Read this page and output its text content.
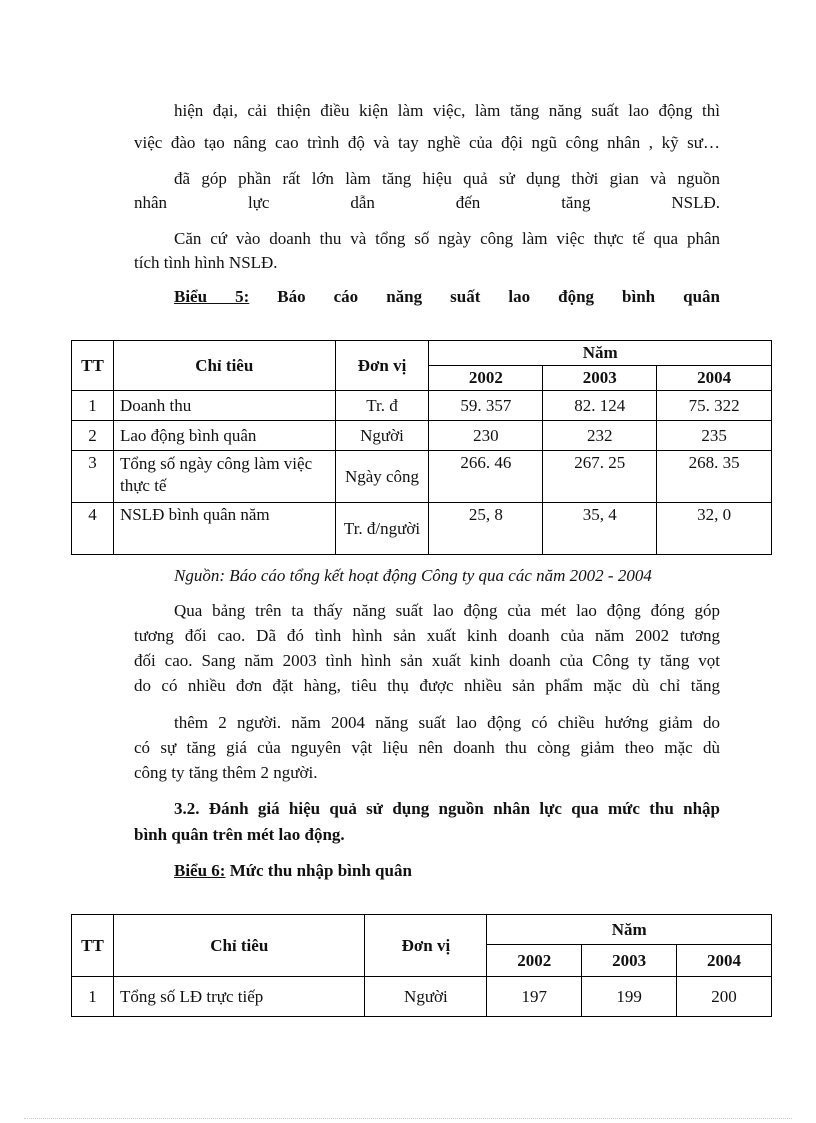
hiện đại, cải thiện điều kiện làm việc, làm tăng năng suất lao động thì

việc đào tạo nâng cao trình độ và tay nghề của đội ngũ công nhân , kỹ sư…

đã góp phần rất lớn làm tăng hiệu quả sử dụng thời gian và nguồn

nhân lực dẫn đến tăng NSLĐ.

Căn cứ vào doanh thu và tổng số ngày công làm việc thực tế qua phân

tích tình hình NSLĐ.

Biểu 5: Báo cáo năng suất lao động bình quân

TT	Chỉ tiêu	Đơn vị	Năm		
			2002	2003	2004
1	Doanh thu	Tr. đ	59. 357	82. 124	75. 322
2	Lao động bình quân	Người	230	232	235
3	Tổng số ngày công làm việc thực tế	Ngày công	266. 46	267. 25	268. 35
4	NSLĐ bình quân năm	Tr. đ/người	25, 8	35, 4	32, 0

Nguồn: Báo cáo tổng kết hoạt động Công ty qua các năm 2002 - 2004

Qua bảng trên ta thấy năng suất lao động của mét lao động đóng góp

tương đối cao. Dã đó tình hình sản xuất kinh doanh của năm 2002 tương

đối cao. Sang năm 2003 tình hình sản xuất kinh doanh của Công ty tăng vọt

do có nhiều đơn đặt hàng, tiêu thụ được nhiều sản phẩm mặc dù chỉ tăng

thêm 2 người. năm 2004 năng suất lao động có chiều hướng giảm do

có sự tăng giá của nguyên vật liệu nên doanh thu còng giảm theo mặc dù

công ty tăng thêm 2 người.

3.2. Đánh giá hiệu quả sử dụng nguồn nhân lực qua mức thu nhập

bình quân trên mét lao động.

Biểu 6: Mức thu nhập bình quân

TT	Chỉ tiêu	Đơn vị	Năm		
			2002	2003	2004
1	Tổng số LĐ trực tiếp	Người	197	199	200
